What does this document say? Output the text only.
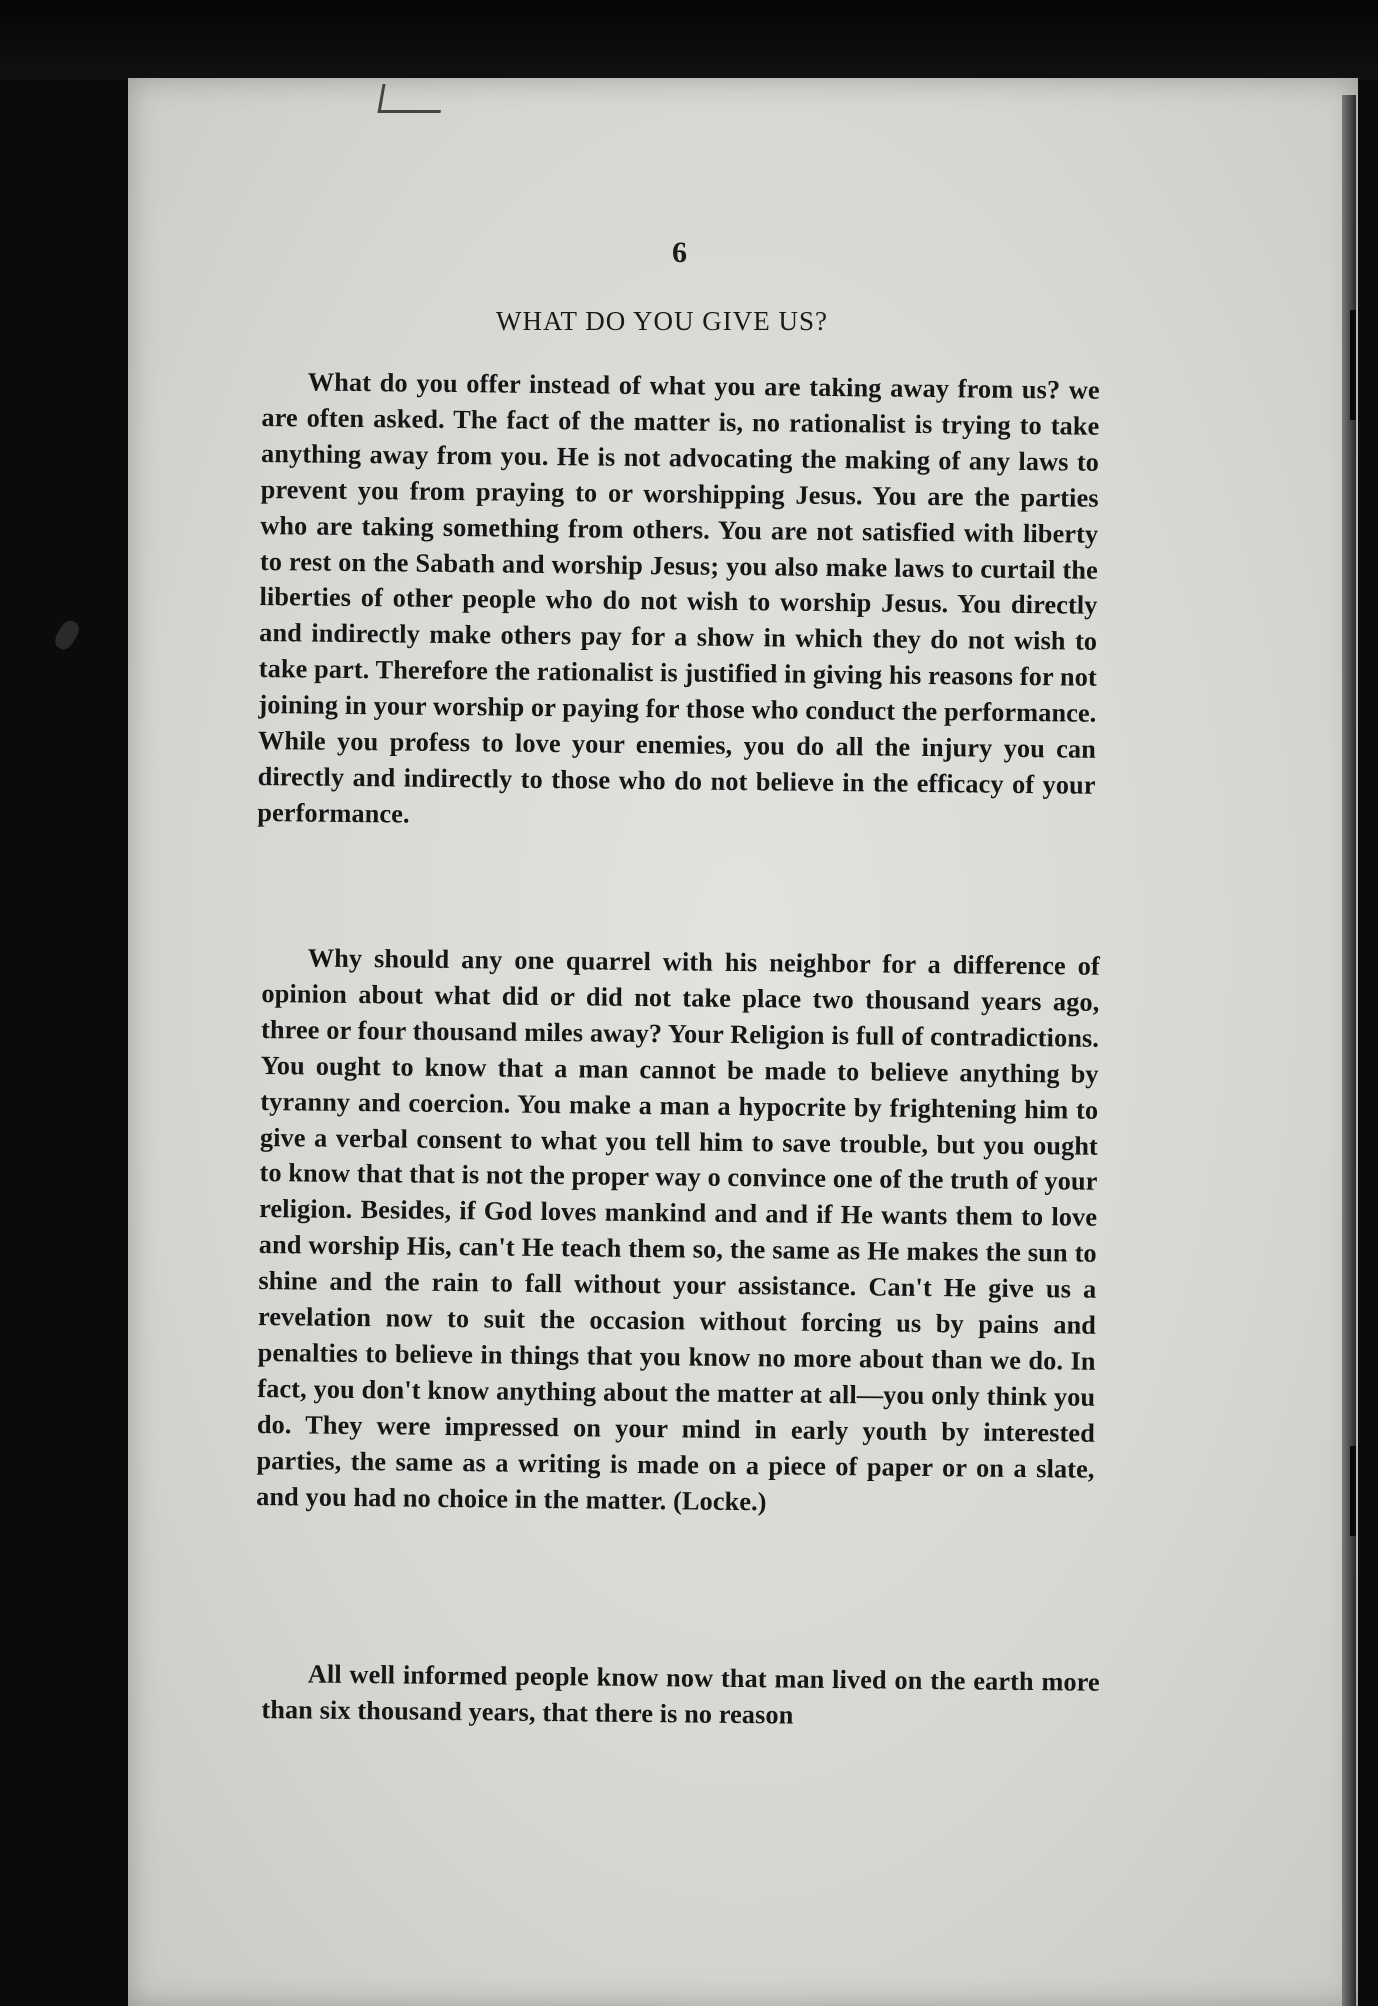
6
WHAT DO YOU GIVE US?
What do you offer instead of what you are taking away from us? we are often asked. The fact of the matter is, no rationalist is trying to take anything away from you. He is not advocating the making of any laws to prevent you from praying to or worshipping Jesus. You are the parties who are taking something from others. You are not satisfied with liberty to rest on the Sabath and worship Jesus; you also make laws to curtail the liberties of other people who do not wish to worship Jesus. You directly and indirectly make others pay for a show in which they do not wish to take part. Therefore the rationalist is justified in giving his reasons for not joining in your worship or paying for those who conduct the performance. While you profess to love your enemies, you do all the injury you can directly and indirectly to those who do not believe in the efficacy of your performance.
Why should any one quarrel with his neighbor for a difference of opinion about what did or did not take place two thousand years ago, three or four thousand miles away? Your Religion is full of contradictions. You ought to know that a man cannot be made to believe anything by tyranny and coercion. You make a man a hypocrite by frightening him to give a verbal consent to what you tell him to save trouble, but you ought to know that that is not the proper way o convince one of the truth of your religion. Besides, if God loves mankind and and if He wants them to love and worship His, can't He teach them so, the same as He makes the sun to shine and the rain to fall without your assistance. Can't He give us a revelation now to suit the occasion without forcing us by pains and penalties to believe in things that you know no more about than we do. In fact, you don't know anything about the matter at all—you only think you do. They were impressed on your mind in early youth by interested parties, the same as a writing is made on a piece of paper or on a slate, and you had no choice in the matter. (Locke.)
All well informed people know now that man lived on the earth more than six thousand years, that there is no reason
